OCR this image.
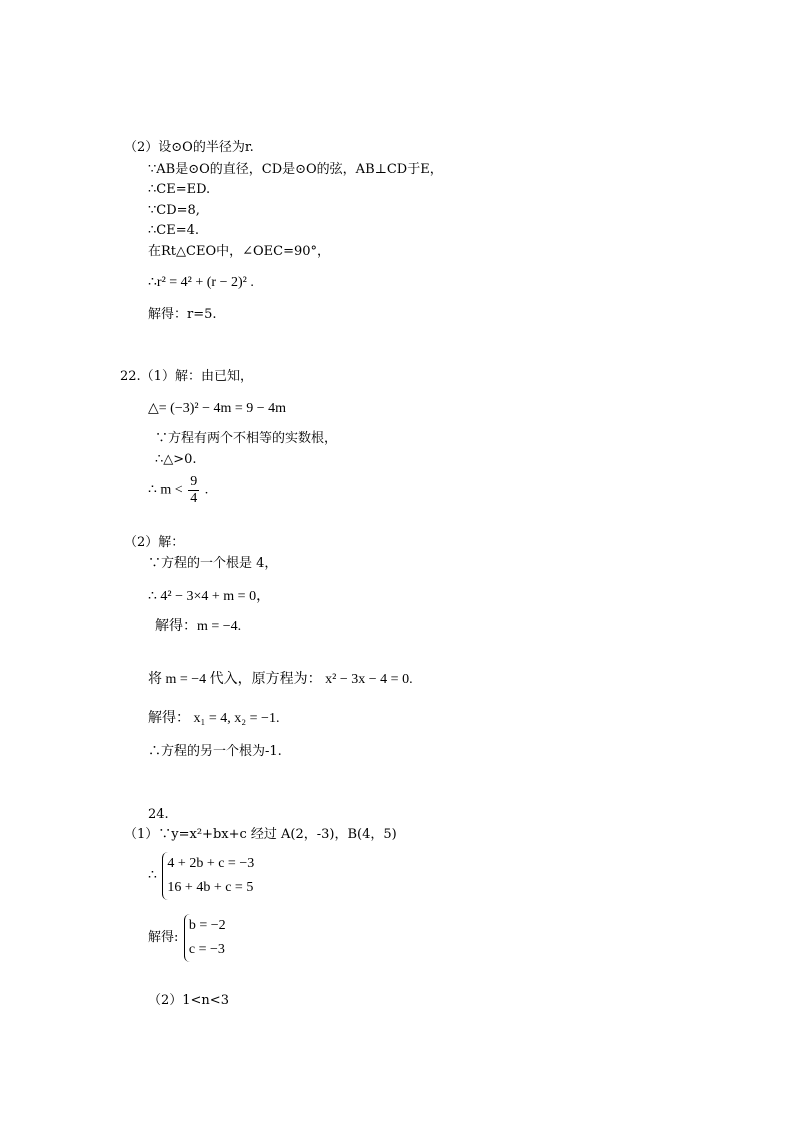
（2）设⊙O的半径为r.
∵AB是⊙O的直径，CD是⊙O的弦，AB⊥CD于E，
∴CE=ED.
∵CD=8,
∴CE=4.
在Rt△CEO中，∠OEC=90°，
∴r² = 4² + (r − 2)² .
解得：r=5.
22.（1）解：由已知，
△= (−3)² − 4m = 9 − 4m
∵方程有两个不相等的实数根，
∴△>0.
∴ $m < \frac{9}{4}$ .
（2）解：
∵方程的一个根是 4，
∴ 4² − 3×4 + m = 0，
解得：m = −4.
将 m = −4 代入，原方程为： x² − 3x − 4 = 0.
解得： x₁ = 4, x₂ = −1.
∴方程的另一个根为-1.
24.
（1）∵y=x²+bx+c 经过 A(2，-3)，B(4，5)
∴
4 + 2b + c = −3
16 + 4b + c = 5
解得:
b = −2
c = −3
（2）1<n<3
